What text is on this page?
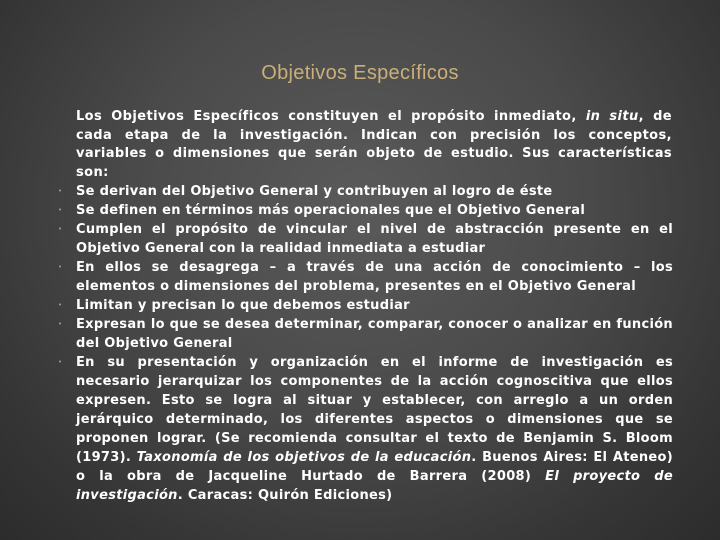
Objetivos Específicos
Los Objetivos Específicos constituyen el propósito inmediato, in situ, de cada etapa de la investigación. Indican con precisión los conceptos, variables o dimensiones que serán objeto de estudio. Sus características son:
• Se derivan del Objetivo General y contribuyen al logro de éste
• Se definen en términos más operacionales que el Objetivo General
• Cumplen el propósito de vincular el nivel de abstracción presente en el Objetivo General con la realidad inmediata a estudiar
• En ellos se desagrega – a través de una acción de conocimiento – los elementos o dimensiones del problema, presentes en el Objetivo General
• Limitan y precisan lo que debemos estudiar
• Expresan lo que se desea determinar, comparar, conocer o analizar en función del Objetivo General
• En su presentación y organización en el informe de investigación es necesario jerarquizar los componentes de la acción cognoscitiva que ellos expresen. Esto se logra al situar y establecer, con arreglo a un orden jerárquico determinado, los diferentes aspectos o dimensiones que se proponen lograr. (Se recomienda consultar el texto de Benjamin S. Bloom (1973). Taxonomía de los objetivos de la educación. Buenos Aires: El Ateneo) o la obra de Jacqueline Hurtado de Barrera (2008) El proyecto de investigación. Caracas: Quirón Ediciones)
